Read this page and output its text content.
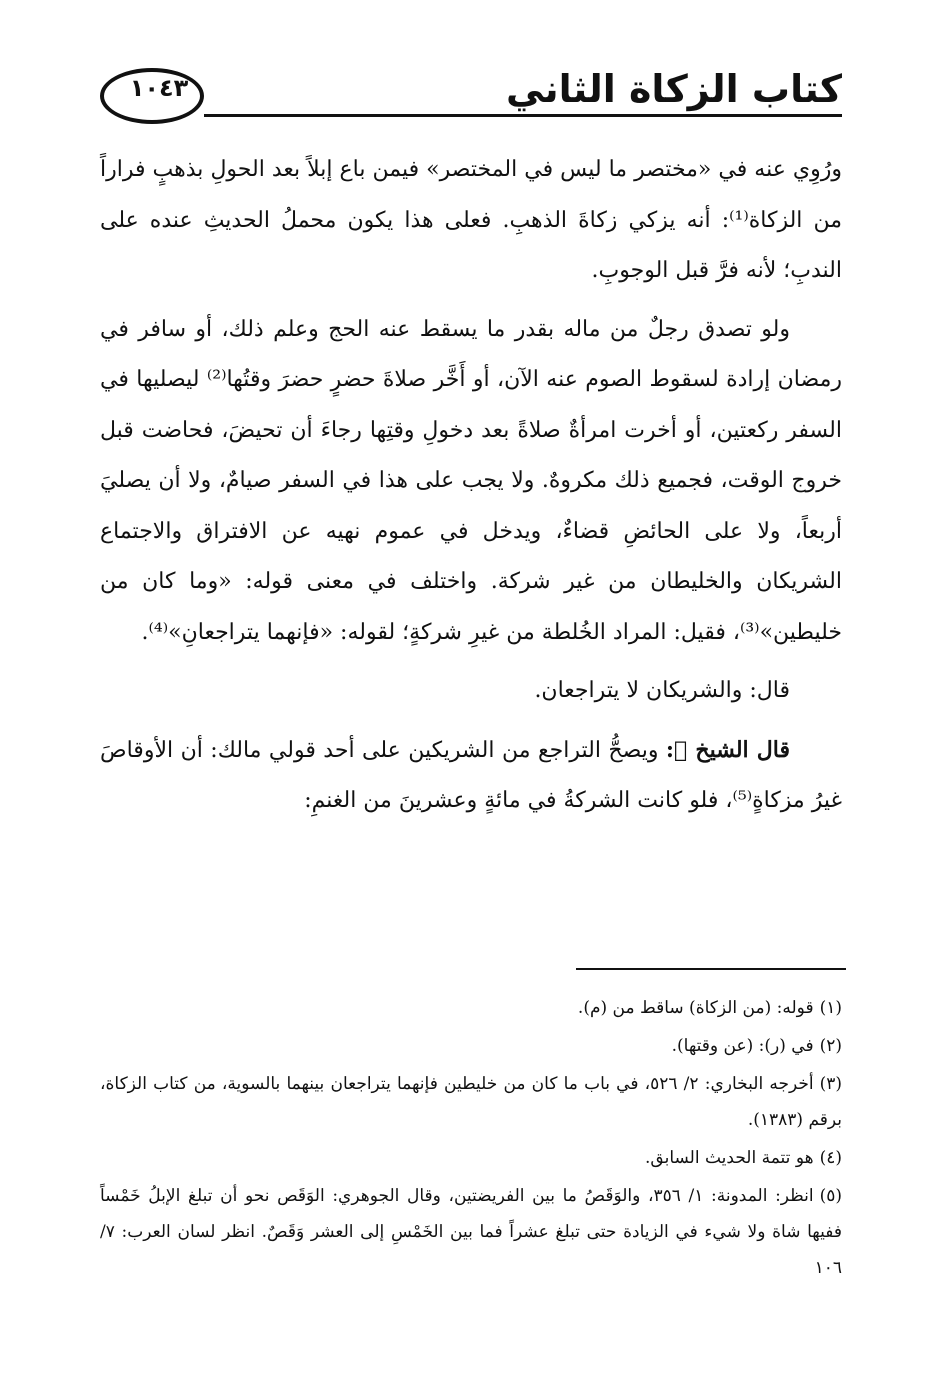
كتاب الزكاة الثاني
١٠٤٣

ورُوِي عنه في «مختصر ما ليس في المختصر» فيمن باع إبلاً بعد الحولِ بذهبٍ فراراً من الزكاة⁽¹⁾: أنه يزكي زكاةَ الذهبِ. فعلى هذا يكون محملُ الحديثِ عنده على الندبِ؛ لأنه فرَّ قبل الوجوبِ.

ولو تصدق رجلٌ من ماله بقدر ما يسقط عنه الحج وعلم ذلك، أو سافر في رمضان إرادة لسقوط الصوم عنه الآن، أو أَخَّر صلاةَ حضرٍ حضرَ وقتُها⁽²⁾ ليصليها في السفر ركعتين، أو أخرت امرأةٌ صلاةً بعد دخولِ وقتِها رجاءَ أن تحيضَ، فحاضت قبل خروج الوقت، فجميع ذلك مكروهٌ. ولا يجب على هذا في السفر صيامٌ، ولا أن يصليَ أربعاً، ولا على الحائضِ قضاءٌ، ويدخل في عموم نهيه عن الافتراق والاجتماع الشريكان والخليطان من غير شركة. واختلف في معنى قوله: «وما كان من خليطين»⁽³⁾، فقيل: المراد الخُلطة من غيرِ شركةٍ؛ لقوله: «فإنهما يتراجعانِ»⁽⁴⁾.

قال: والشريكان لا يتراجعان.

قال الشيخ ﷬: ويصحُّ التراجع من الشريكين على أحد قولي مالك: أن الأوقاصَ غيرُ مزكاةٍ⁽⁵⁾، فلو كانت الشركةُ في مائةٍ وعشرينَ من الغنمِ:

(١)قوله: (من الزكاة) ساقط من (م).
(٢)في (ر): (عن وقتها).
(٣)أخرجه البخاري: ٢/ ٥٢٦، في باب ما كان من خليطين فإنهما يتراجعان بينهما بالسوية، من كتاب الزكاة، برقم (١٣٨٣).
(٤)هو تتمة الحديث السابق.
(٥)انظر: المدونة: ١/ ٣٥٦، والوَقَصُ ما بين الفريضتين، وقال الجوهري: الوَقَص نحو أن تبلغ الإبلُ خَمْساً ففيها شاة ولا شيء في الزيادة حتى تبلغ عشراً فما بين الخَمْسِ إلى العشر وَقَصٌ. انظر لسان العرب: ٧/ ١٠٦
